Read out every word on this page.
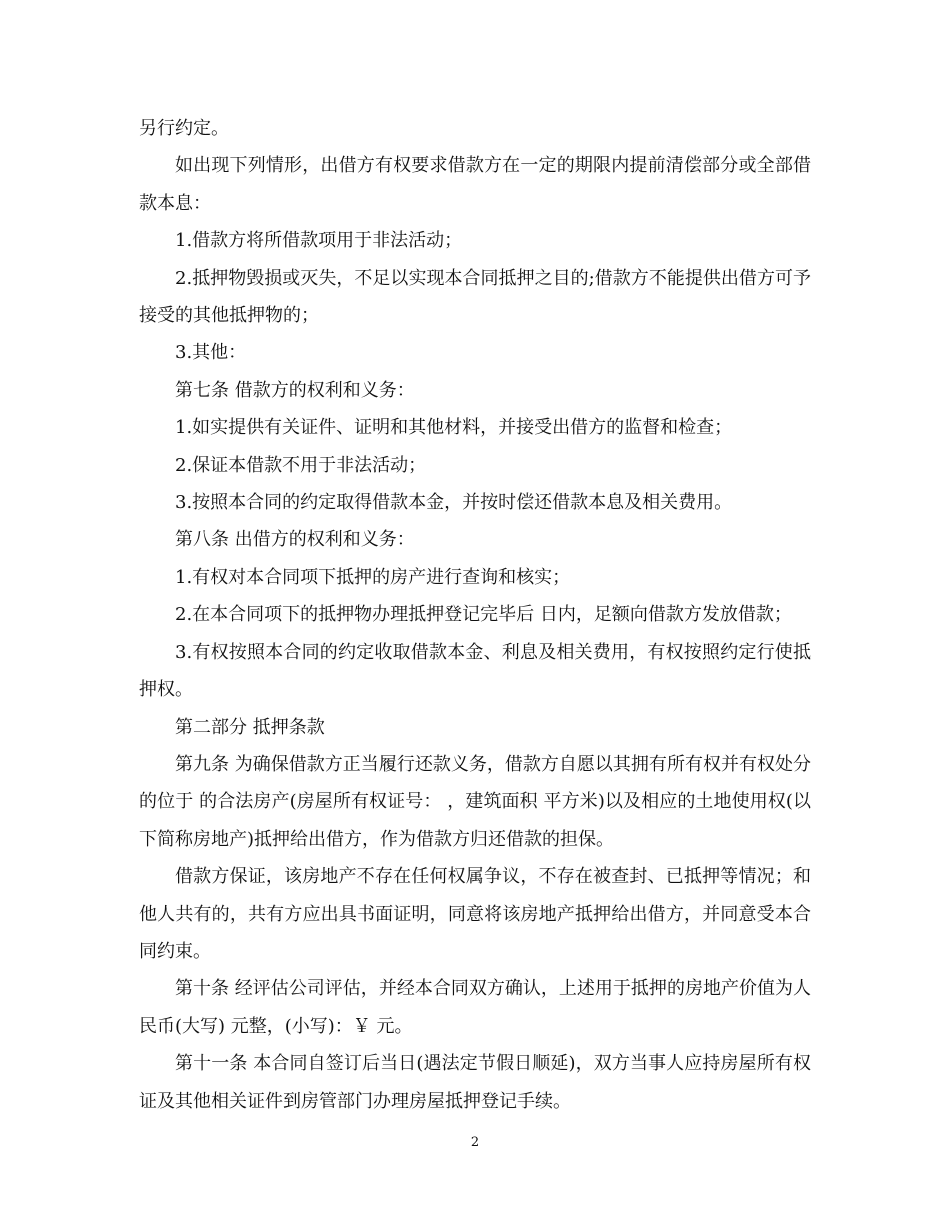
另行约定。

如出现下列情形，出借方有权要求借款方在一定的期限内提前清偿部分或全部借款本息：

1.借款方将所借款项用于非法活动；

2.抵押物毁损或灭失，不足以实现本合同抵押之目的;借款方不能提供出借方可予接受的其他抵押物的；

3.其他：

第七条 借款方的权利和义务：

1.如实提供有关证件、证明和其他材料，并接受出借方的监督和检查；

2.保证本借款不用于非法活动；

3.按照本合同的约定取得借款本金，并按时偿还借款本息及相关费用。

第八条 出借方的权利和义务：

1.有权对本合同项下抵押的房产进行查询和核实；

2.在本合同项下的抵押物办理抵押登记完毕后 日内，足额向借款方发放借款；

3.有权按照本合同的约定收取借款本金、利息及相关费用，有权按照约定行使抵押权。

第二部分 抵押条款

第九条 为确保借款方正当履行还款义务，借款方自愿以其拥有所有权并有权处分的位于 的合法房产(房屋所有权证号： ，建筑面积 平方米)以及相应的土地使用权(以下简称房地产)抵押给出借方，作为借款方归还借款的担保。

借款方保证，该房地产不存在任何权属争议，不存在被查封、已抵押等情况；和他人共有的，共有方应出具书面证明，同意将该房地产抵押给出借方，并同意受本合同约束。

第十条 经评估公司评估，并经本合同双方确认，上述用于抵押的房地产价值为人民币(大写) 元整，(小写)：￥ 元。

第十一条 本合同自签订后当日(遇法定节假日顺延)，双方当事人应持房屋所有权证及其他相关证件到房管部门办理房屋抵押登记手续。

2
